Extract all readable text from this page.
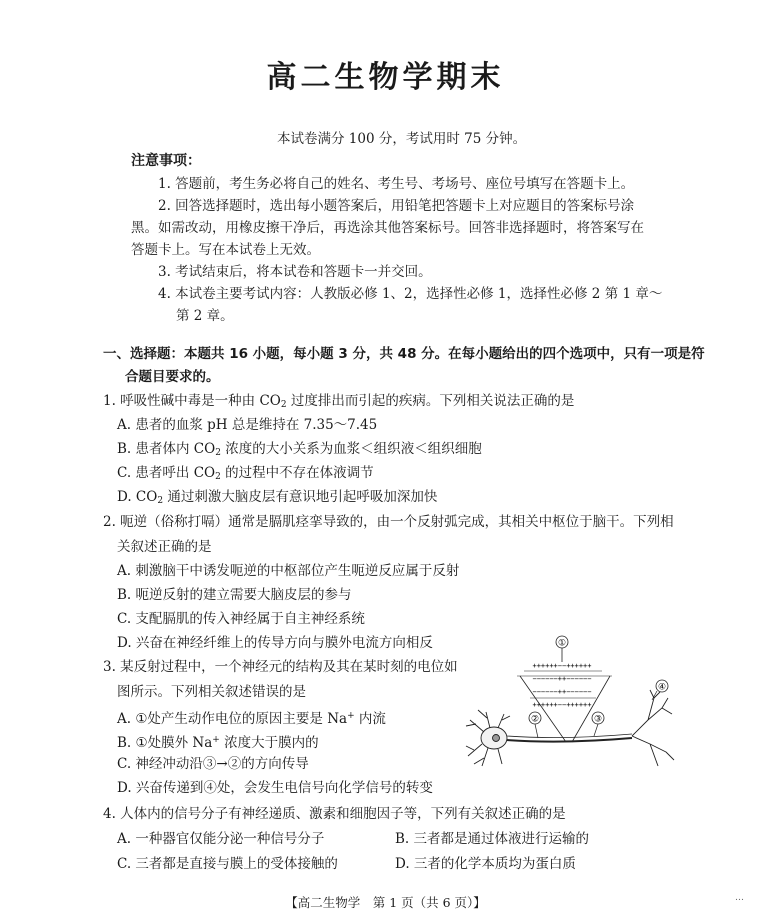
高二生物学期末
本试卷满分 100 分，考试用时 75 分钟。
注意事项：
1. 答题前，考生务必将自己的姓名、考生号、考场号、座位号填写在答题卡上。
2. 回答选择题时，选出每小题答案后，用铅笔把答题卡上对应题目的答案标号涂
黑。如需改动，用橡皮擦干净后，再选涂其他答案标号。回答非选择题时，将答案写在
答题卡上。写在本试卷上无效。
3. 考试结束后，将本试卷和答题卡一并交回。
4. 本试卷主要考试内容：人教版必修 1、2，选择性必修 1，选择性必修 2 第 1 章～
第 2 章。
一、选择题：本题共 16 小题，每小题 3 分，共 48 分。在每小题给出的四个选项中，只有一项是符
合题目要求的。
1. 呼吸性碱中毒是一种由 $CO_2$ 过度排出而引起的疾病。下列相关说法正确的是
A. 患者的血浆 pH 总是维持在 7.35～7.45
B. 患者体内 $CO_2$ 浓度的大小关系为血浆＜组织液＜组织细胞
C. 患者呼出 $CO_2$ 的过程中不存在体液调节
D. $CO_2$ 通过刺激大脑皮层有意识地引起呼吸加深加快
2. 呃逆（俗称打嗝）通常是膈肌痉挛导致的，由一个反射弧完成，其相关中枢位于脑干。下列相
关叙述正确的是
A. 刺激脑干中诱发呃逆的中枢部位产生呃逆反应属于反射
B. 呃逆反射的建立需要大脑皮层的参与
C. 支配膈肌的传入神经属于自主神经系统
D. 兴奋在神经纤维上的传导方向与膜外电流方向相反
3. 某反射过程中，一个神经元的结构及其在某时刻的电位如
图所示。下列相关叙述错误的是
A. ①处产生动作电位的原因主要是 Na+ 内流
B. ①处膜外 Na+ 浓度大于膜内的
C. 神经冲动沿③→②的方向传导
D. 兴奋传递到④处，会发生电信号向化学信号的转变
①
++++++−−++++++
−−−−−−++−−−−−−
−−−−−−++−−−−−−
++++++−−++++++
②	③
④
4. 人体内的信号分子有神经递质、激素和细胞因子等，下列有关叙述正确的是
A. 一种器官仅能分泌一种信号分子	B. 三者都是通过体液进行运输的
C. 三者都是直接与膜上的受体接触的	D. 三者的化学本质均为蛋白质
【高二生物学　第 1 页（共 6 页）】	…
